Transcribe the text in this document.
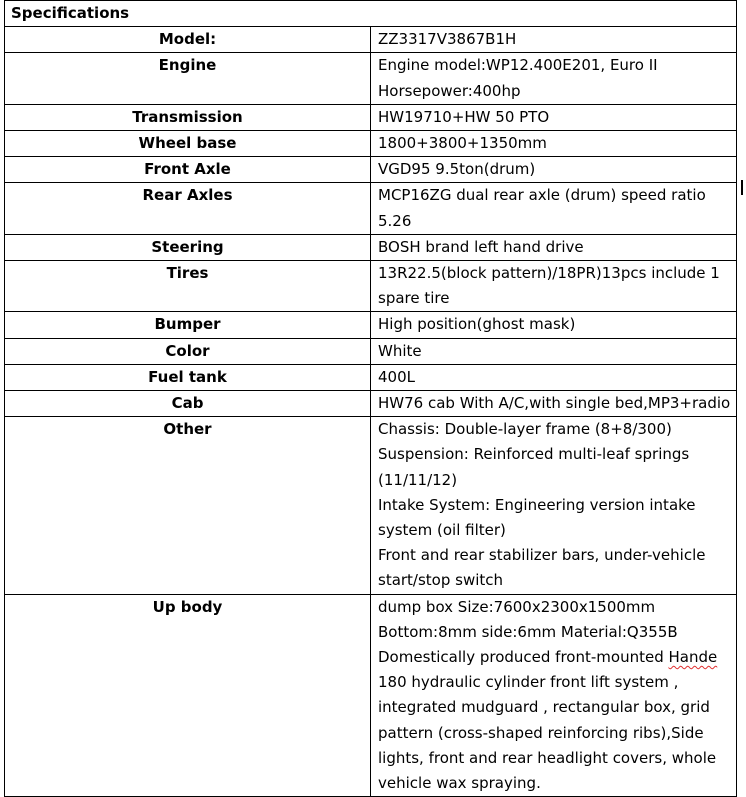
Specifications	
Model:	ZZ3317V3867B1H

Engine	Engine model:WP12.400E201, Euro II
Horsepower:400hp

Transmission	HW19710+HW 50 PTO

Wheel base	1800+3800+1350mm

Front Axle	VGD95 9.5ton(drum)

Rear Axles	MCP16ZG dual rear axle (drum) speed ratio 5.26

Steering	BOSH brand left hand drive

Tires	13R22.5(block pattern)/18PR)13pcs include 1 spare tire

Bumper	High position(ghost mask)

Color	White

Fuel tank	400L

Cab	HW76 cab With A/C,with single bed,MP3+radio

Other	Chassis: Double-layer frame (8+8/300)
Suspension: Reinforced multi-leaf springs (11/11/12)
Intake System: Engineering version intake system (oil filter)
Front and rear stabilizer bars, under-vehicle start/stop switch

Up body	dump box Size:7600x2300x1500mm
Bottom:8mm side:6mm Material:Q355B
Domestically produced front-mounted Hande 180 hydraulic cylinder front lift system , integrated mudguard , rectangular box, grid pattern (cross-shaped reinforcing ribs),Side lights, front and rear headlight covers, whole vehicle wax spraying.
